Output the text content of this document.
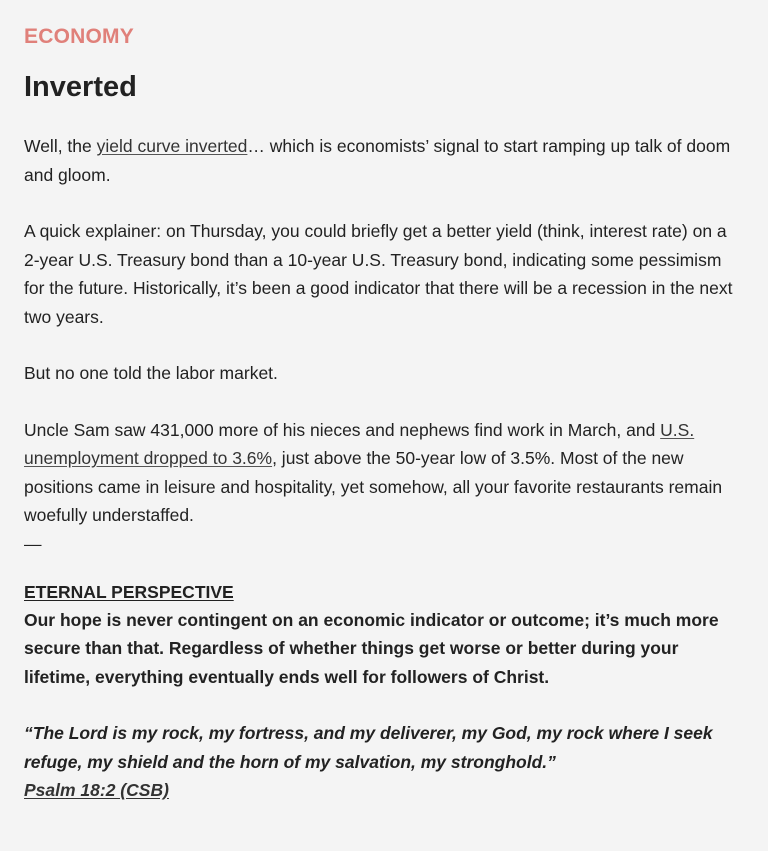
ECONOMY

Inverted

Well, the yield curve inverted… which is economists’ signal to start ramping up talk of doom and gloom.

A quick explainer: on Thursday, you could briefly get a better yield (think, interest rate) on a 2-year U.S. Treasury bond than a 10-year U.S. Treasury bond, indicating some pessimism for the future. Historically, it’s been a good indicator that there will be a recession in the next two years.

But no one told the labor market.

Uncle Sam saw 431,000 more of his nieces and nephews find work in March, and U.S. unemployment dropped to 3.6%, just above the 50-year low of 3.5%. Most of the new positions came in leisure and hospitality, yet somehow, all your favorite restaurants remain woefully understaffed.

—

ETERNAL PERSPECTIVE

Our hope is never contingent on an economic indicator or outcome; it’s much more secure than that. Regardless of whether things get worse or better during your lifetime, everything eventually ends well for followers of Christ.

“The Lord is my rock, my fortress, and my deliverer, my God, my rock where I seek refuge, my shield and the horn of my salvation, my stronghold.”

Psalm 18:2 (CSB)
